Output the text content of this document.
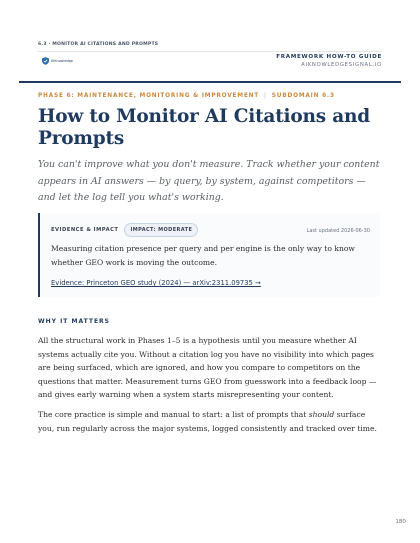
6.3 · MONITOR AI CITATIONS AND PROMPTS
AIKnowledge
FRAMEWORK HOW-TO GUIDE
AIKNOWLEDGESIGNAL.IO
PHASE 6: MAINTENANCE, MONITORING & IMPROVEMENT | SUBDOMAIN 6.3
How to Monitor AI Citations and Prompts

You can't improve what you don't measure. Track whether your content appears in AI answers — by query, by system, against competitors — and let the log tell you what's working.

EVIDENCE & IMPACT	IMPACT: MODERATE	Last updated 2026-06-30

Measuring citation presence per query and per engine is the only way to know whether GEO work is moving the outcome.

Evidence: Princeton GEO study (2024) — arXiv:2311.09735 →
WHY IT MATTERS

All the structural work in Phases 1–5 is a hypothesis until you measure whether AI systems actually cite you. Without a citation log you have no visibility into which pages are being surfaced, which are ignored, and how you compare to competitors on the questions that matter. Measurement turns GEO from guesswork into a feedback loop — and gives early warning when a system starts misrepresenting your content.

The core practice is simple and manual to start: a list of prompts that should surface you, run regularly across the major systems, logged consistently and tracked over time.

180
